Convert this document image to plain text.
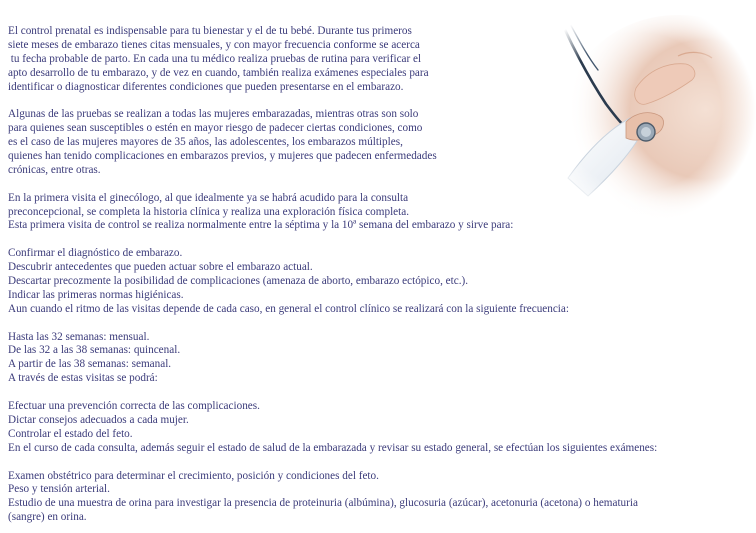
El control prenatal es indispensable para tu bienestar y el de tu bebé. Durante tus primeros
siete meses de embarazo tienes citas mensuales, y con mayor frecuencia conforme se acerca
tu fecha probable de parto. En cada una tu médico realiza pruebas de rutina para verificar el
apto desarrollo de tu embarazo, y de vez en cuando, también realiza exámenes especiales para
identificar o diagnosticar diferentes condiciones que pueden presentarse en el embarazo.
Algunas de las pruebas se realizan a todas las mujeres embarazadas, mientras otras son solo
para quienes sean susceptibles o estén en mayor riesgo de padecer ciertas condiciones, como
es el caso de las mujeres mayores de 35 años, las adolescentes, los embarazos múltiples,
quienes han tenido complicaciones en embarazos previos, y mujeres que padecen enfermedades
crónicas, entre otras.
En la primera visita el ginecólogo, al que idealmente ya se habrá acudido para la consulta
preconcepcional, se completa la historia clínica y realiza una exploración física completa.
Esta primera visita de control se realiza normalmente entre la séptima y la 10ª semana del embarazo y sirve para:
Confirmar el diagnóstico de embarazo.
Descubrir antecedentes que pueden actuar sobre el embarazo actual.
Descartar precozmente la posibilidad de complicaciones (amenaza de aborto, embarazo ectópico, etc.).
Indicar las primeras normas higiénicas.
Aun cuando el ritmo de las visitas depende de cada caso, en general el control clínico se realizará con la siguiente frecuencia:
Hasta las 32 semanas: mensual.
De las 32 a las 38 semanas: quincenal.
A partir de las 38 semanas: semanal.
A través de estas visitas se podrá:
Efectuar una prevención correcta de las complicaciones.
Dictar consejos adecuados a cada mujer.
Controlar el estado del feto.
En el curso de cada consulta, además seguir el estado de salud de la embarazada y revisar su estado general, se efectúan los siguientes exámenes:
Examen obstétrico para determinar el crecimiento, posición y condiciones del feto.
Peso y tensión arterial.
Estudio de una muestra de orina para investigar la presencia de proteinuria (albúmina), glucosuria (azúcar), acetonuria (acetona) o hematuria
(sangre) en orina.
